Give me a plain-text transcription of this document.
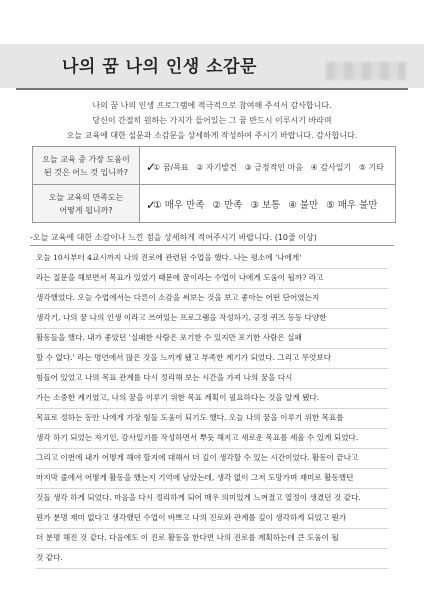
나의 꿈 나의 인생 소감문
나의 꿈 나의 인생 프로그램에 적극적으로 참여해 주셔서 감사합니다.
당신이 간절히 원하는 가지가 들어있는 그 꿈 반드시 이루시기 바라며
오늘 교육에 대한 설문과 소감문을 상세하게 작성하여 주시기 바랍니다. 감사합니다.
오늘 교육 중 가장 도움이
된 것은 어느 것 입니까?	✓ ① 꿈/목표 ② 자기발견 ③ 긍정적인 마음 ④ 감사일기 ⑤ 기타

오늘 교육의 만족도는
어떻게 됩니까?	✓ ① 매우 만족 ② 만족 ③ 보통 ④ 불만 ⑤ 매우 불만
-오늘 교육에 대한 소감이나 느낀 점을 상세하게 적어주시기 바랍니다. (10줄 이상)
오늘 10시부터 4교시까지 나의 진로에 관련된 수업을 했다. 나는 평소에 '나에게'
라는 질문을 해보면서 목표가 있었기 때문에 꿈이라는 수업이 나에게 도움이 될까? 라고
생각했었다. 오늘 수업에서는 다른이 소감을 써보는 것을 보고 좋아는 어떤 단어였는지
생각기, 나의 꿈 나의 인생 이라고 쓰여있는 프로그램을 작성하기, 긍정 퀴즈 등등 다양한
활동들을 했다. 내가 좋았던 '실패한 사람은 포기한 수 있지만 포기한 사람은 실패
할 수 없다.' 라는 명언에서 많은 것을 느끼게 됐고 부족한 계기가 되었다. 그리고 무엇보다
힘들어 있었고 나의 목표 관계를 다시 정리해 보는 시간을 가져 나의 꿈을 다시
가는 소중한 계기였고, 나의 꿈을 이루기 위한 목표 계획이 필요하다는 것을 알게 됐다.
목표로 정하는 동안 나에게 가장 힘들 도움이 되기도 했다. 오늘 나의 꿈을 이루기 위한 목표를
생각 하기 되었는 자기인, 감사일기를 작성하면서 뿌듯 해지고 새로운 목표를 세울 수 있게 되었다.
그리고 이번에 내가 어떻게 해야 할지에 대해서 더 깊이 생각할 수 있는 시간이었다. 활동이 끝나고
마지막 줄에서 어떻게 활동을 했는지 기억에 남았는데, 생각 없이 그저 도망가며 재미로 활동했던
것들 생각 하게 되었다. 마음을 다시 정리하게 되어 매우 의미있게 느껴졌고 열정이 생겼던 것 같다.
뭔가 분명 재미 없다고 생각했던 수업이 바쁘고 나의 진로와 관계를 깊이 생각하게 되었고 뭔가
더 분명 해진 것 같다. 다음에도 이 진로 활동을 한다면 나의 진로를 계획하는데 큰 도움이 될
것 같다.
